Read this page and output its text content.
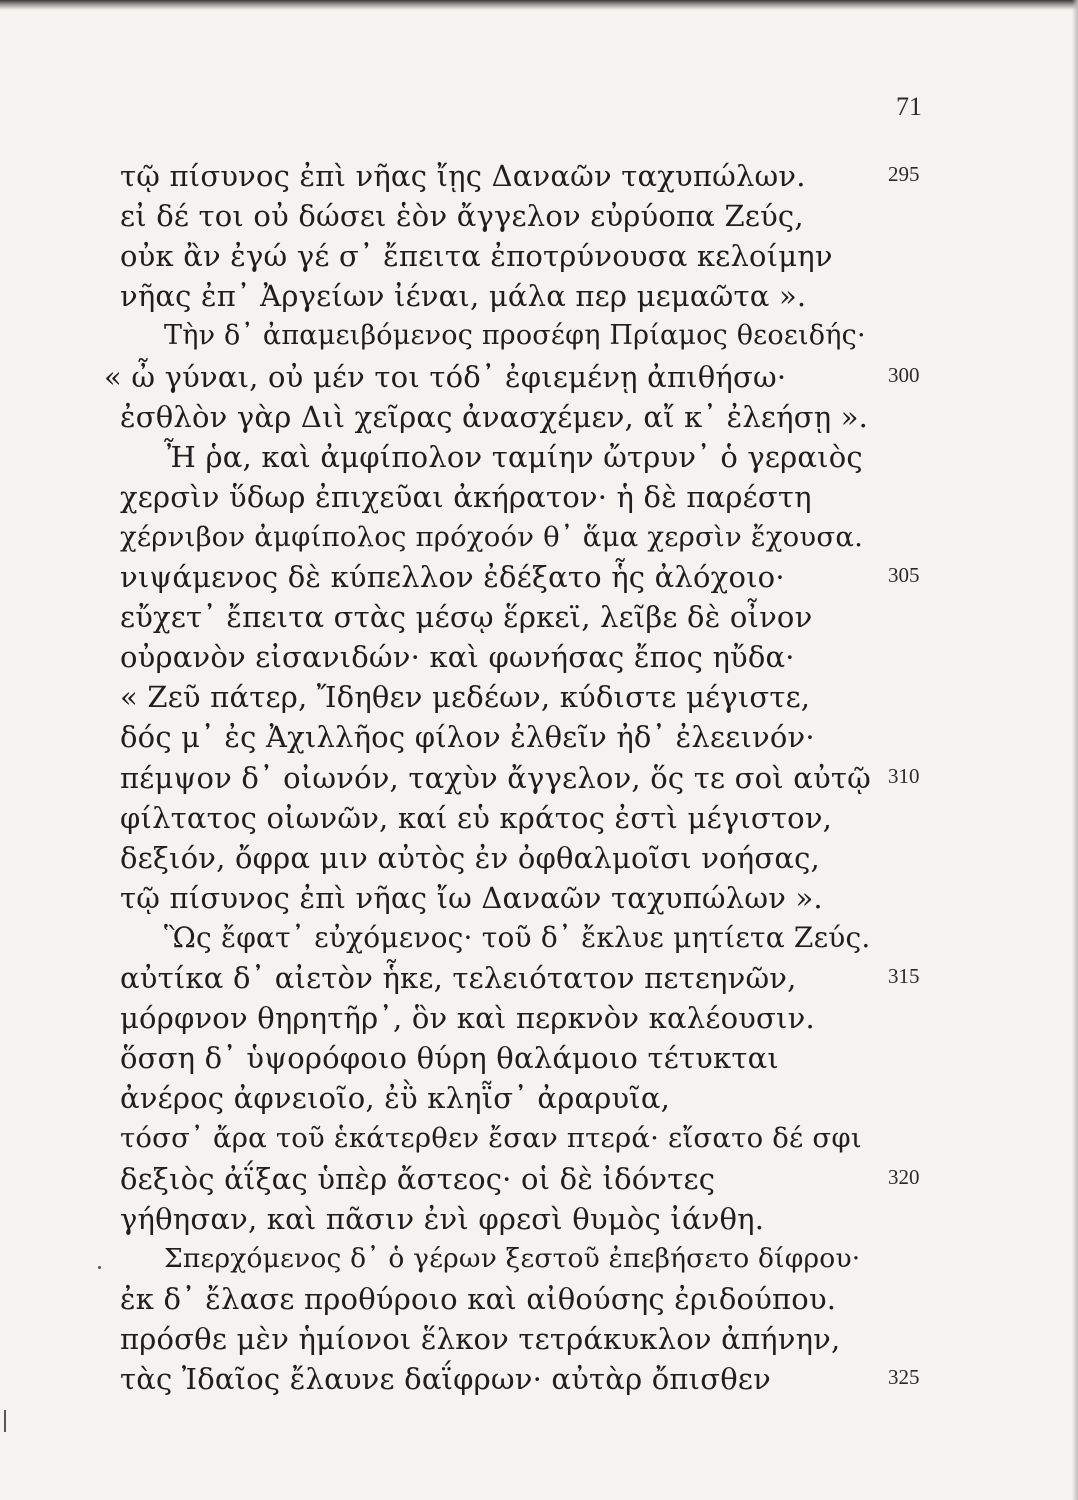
71
τῷ πίσυνος ἐπὶ νῆας ἴῃς Δαναῶν ταχυπώλων.	295
εἰ δέ τοι οὐ δώσει ἑὸν ἄγγελον εὐρύοπα Ζεύς,
οὐκ ἂν ἐγώ γέ σ᾿ ἔπειτα ἐποτρύνουσα κελοίμην
νῆας ἐπ᾿ Ἀργείων ἰέναι, μάλα περ μεμαῶτα ».
Τὴν δ᾿ ἀπαμειβόμενος προσέφη Πρίαμος θεοειδής·
« ὦ γύναι, οὐ μέν τοι τόδ᾿ ἐφιεμένῃ ἀπιθήσω·	300
ἐσθλὸν γὰρ Διὶ χεῖρας ἀνασχέμεν, αἴ κ᾿ ἐλεήσῃ ».
Ἦ ῥα, καὶ ἀμφίπολον ταμίην ὤτρυν᾿ ὁ γεραιὸς
χερσὶν ὕδωρ ἐπιχεῦαι ἀκήρατον· ἡ δὲ παρέστη
χέρνιβον ἀμφίπολος πρόχοόν θ᾿ ἅμα χερσὶν ἔχουσα.
νιψάμενος δὲ κύπελλον ἐδέξατο ἧς ἀλόχοιο·	305
εὔχετ᾿ ἔπειτα στὰς μέσῳ ἕρκεϊ, λεῖβε δὲ οἶνον
οὐρανὸν εἰσανιδών· καὶ φωνήσας ἔπος ηὔδα·
« Ζεῦ πάτερ, Ἴδηθεν μεδέων, κύδιστε μέγιστε,
δός μ᾿ ἐς Ἀχιλλῆος φίλον ἐλθεῖν ἠδ᾿ ἐλεεινόν·
πέμψον δ᾿ οἰωνόν, ταχὺν ἄγγελον, ὅς τε σοὶ αὐτῷ 310
φίλτατος οἰωνῶν, καί εὑ κράτος ἐστὶ μέγιστον,
δεξιόν, ὄφρα μιν αὐτὸς ἐν ὀφθαλμοῖσι νοήσας,
τῷ πίσυνος ἐπὶ νῆας ἴω Δαναῶν ταχυπώλων ».
Ὣς ἔφατ᾿ εὐχόμενος· τοῦ δ᾿ ἔκλυε μητίετα Ζεύς.
αὐτίκα δ᾿ αἰετὸν ἧκε, τελειότατον πετεηνῶν,	315
μόρφνον θηρητῆρ᾿, ὃν καὶ περκνὸν καλέουσιν.
ὅσση δ᾿ ὑψορόφοιο θύρη θαλάμοιο τέτυκται
ἀνέρος ἀφνειοῖο, ἐῢ κληῗσ᾿ ἀραρυῖα,
τόσσ᾿ ἄρα τοῦ ἑκάτερθεν ἔσαν πτερά· εἴσατο δέ σφι
δεξιὸς ἀΐξας ὑπὲρ ἄστεος· οἱ δὲ ἰδόντες	320
γήθησαν, καὶ πᾶσιν ἐνὶ φρεσὶ θυμὸς ἰάνθη.
Σπερχόμενος δ᾿ ὁ γέρων ξεστοῦ ἐπεβήσετο δίφρου·
ἐκ δ᾿ ἔλασε προθύροιο καὶ αἰθούσης ἐριδούπου.
πρόσθε μὲν ἡμίονοι ἕλκον τετράκυκλον ἀπήνην,
τὰς Ἰδαῖος ἔλαυνε δαΐφρων· αὐτὰρ ὄπισθεν	325
